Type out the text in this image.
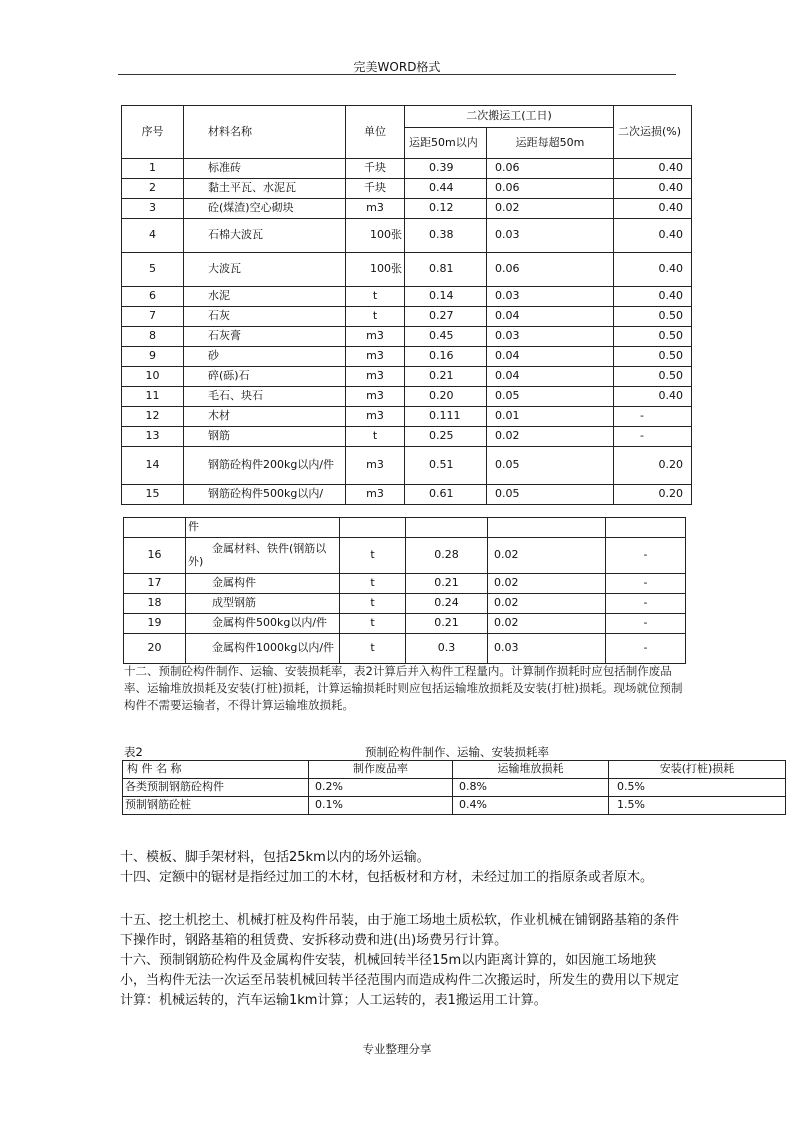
完美WORD格式
序号	材料名称	单位	二次搬运工(工日)		二次运损(%)
			运距50m以内	运距每超50m	
1	标准砖	千块	0.39	0.06	0.40
2	黏土平瓦、水泥瓦	千块	0.44	0.06	0.40
3	砼(煤渣)空心砌块	m3	0.12	0.02	0.40
4	石棉大波瓦	100张	0.38	0.03	0.40
5	大波瓦	100张	0.81	0.06	0.40
6	水泥	t	0.14	0.03	0.40
7	石灰	t	0.27	0.04	0.50
8	石灰膏	m3	0.45	0.03	0.50
9	砂	m3	0.16	0.04	0.50
10	碎(砾)石	m3	0.21	0.04	0.50
11	毛石、块石	m3	0.20	0.05	0.40
12	木材	m3	0.111	0.01	-
13	钢筋	t	0.25	0.02	-
14	钢筋砼构件200kg以内/件	m3	0.51	0.05	0.20
15	钢筋砼构件500kg以内/	m3	0.61	0.05	0.20
	件				
16	金属材料、铁件(钢筋以外)	t	0.28	0.02	-
17	金属构件	t	0.21	0.02	-
18	成型钢筋	t	0.24	0.02	-
19	金属构件500kg以内/件	t	0.21	0.02	-
20	金属构件1000kg以内/件	t	0.3	0.03	-
十二、预制砼构件制作、运输、安装损耗率，表2计算后并入构件工程量内。计算制作损耗时应包括制作废品率、运输堆放损耗及安装(打桩)损耗，计算运输损耗时则应包括运输堆放损耗及安装(打桩)损耗。现场就位预制构件不需要运输者，不得计算运输堆放损耗。
表2	预制砼构件制作、运输、安装损耗率
构 件 名 称	制作废品率	运输堆放损耗	安装(打桩)损耗
各类预制钢筋砼构件	0.2%	0.8%	0.5%
预制钢筋砼桩	0.1%	0.4%	1.5%
十、模板、脚手架材料，包括25km以内的场外运输。
十四、定额中的锯材是指经过加工的木材，包括板材和方材，未经过加工的指原条或者原木。
十五、挖土机挖土、机械打桩及构件吊装，由于施工场地土质松软，作业机械在铺钢路基箱的条件下操作时，钢路基箱的租赁费、安拆移动费和进(出)场费另行计算。
十六、预制钢筋砼构件及金属构件安装，机械回转半径15m以内距离计算的，如因施工场地狭小，当构件无法一次运至吊装机械回转半径范围内而造成构件二次搬运时，所发生的费用以下规定计算：机械运转的，汽车运输1km计算；人工运转的，表1搬运用工计算。
专业整理分享
